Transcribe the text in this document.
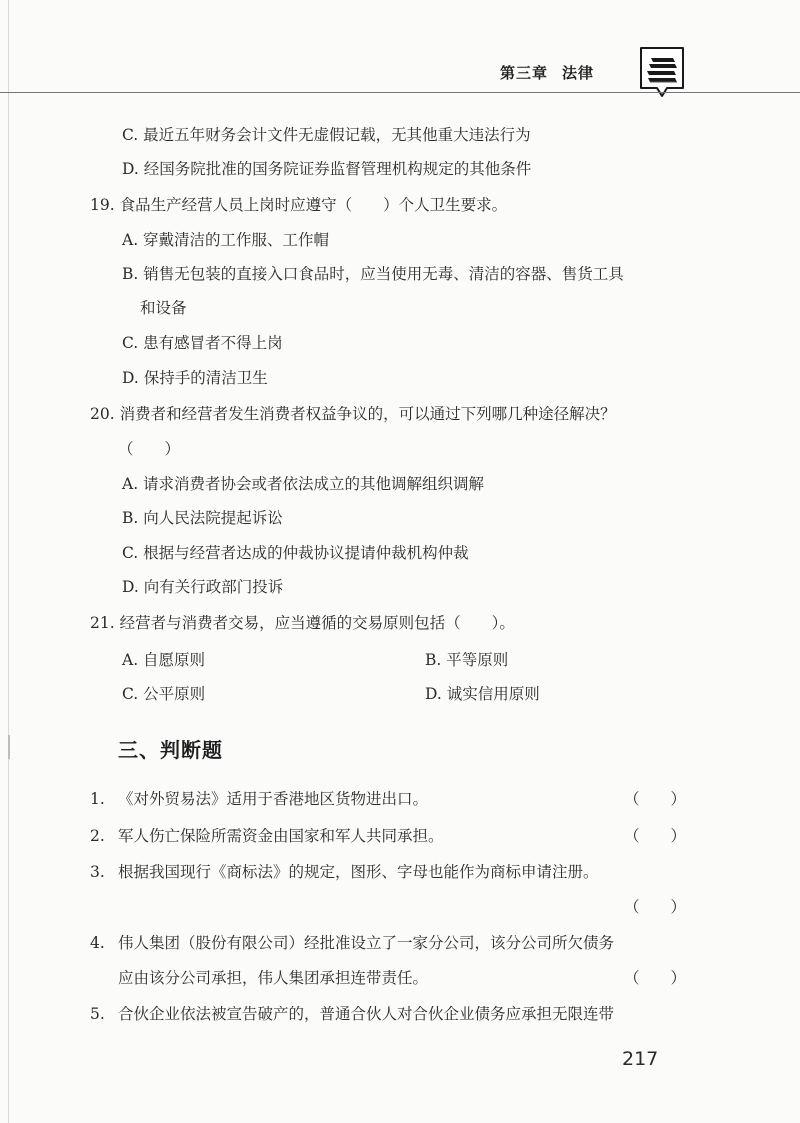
第三章 法律
C. 最近五年财务会计文件无虚假记载，无其他重大违法行为
D. 经国务院批准的国务院证券监督管理机构规定的其他条件
19. 食品生产经营人员上岗时应遵守（　　）个人卫生要求。
A. 穿戴清洁的工作服、工作帽
B. 销售无包装的直接入口食品时，应当使用无毒、清洁的容器、售货工具
和设备
C. 患有感冒者不得上岗
D. 保持手的清洁卫生
20. 消费者和经营者发生消费者权益争议的，可以通过下列哪几种途径解决？
（　　）
A. 请求消费者协会或者依法成立的其他调解组织调解
B. 向人民法院提起诉讼
C. 根据与经营者达成的仲裁协议提请仲裁机构仲裁
D. 向有关行政部门投诉
21. 经营者与消费者交易，应当遵循的交易原则包括（　　）。
A. 自愿原则	B. 平等原则
C. 公平原则	D. 诚实信用原则
三、判断题
1. 《对外贸易法》适用于香港地区货物进出口。	（　　）
2. 军人伤亡保险所需资金由国家和军人共同承担。	（　　）
3. 根据我国现行《商标法》的规定，图形、字母也能作为商标申请注册。
（　　）
4. 伟人集团（股份有限公司）经批准设立了一家分公司，该分公司所欠债务
应由该分公司承担，伟人集团承担连带责任。	（　　）
5. 合伙企业依法被宣告破产的，普通合伙人对合伙企业债务应承担无限连带
217
